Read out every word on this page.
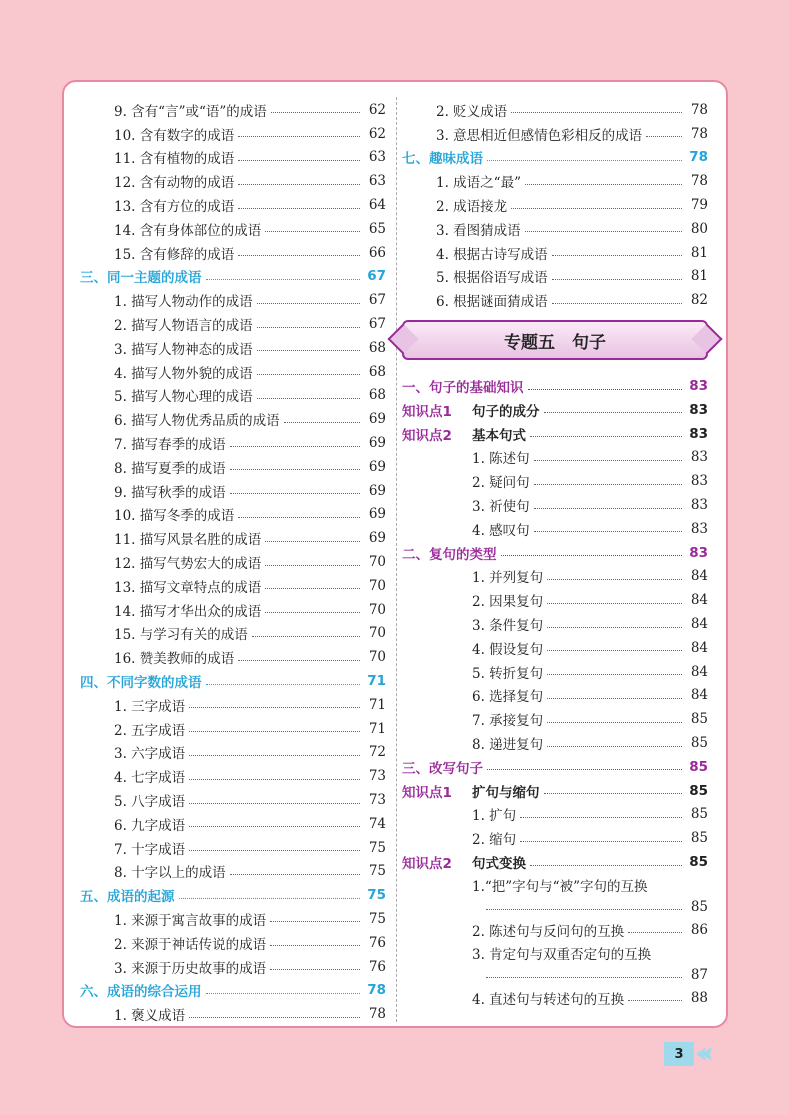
9. 含有“言”或“语”的成语	62
10. 含有数字的成语	62
11. 含有植物的成语	63
12. 含有动物的成语	63
13. 含有方位的成语	64
14. 含有身体部位的成语	65
15. 含有修辞的成语	66
三、同一主题的成语	67
1. 描写人物动作的成语	67
2. 描写人物语言的成语	67
3. 描写人物神态的成语	68
4. 描写人物外貌的成语	68
5. 描写人物心理的成语	68
6. 描写人物优秀品质的成语	69
7. 描写春季的成语	69
8. 描写夏季的成语	69
9. 描写秋季的成语	69
10. 描写冬季的成语	69
11. 描写风景名胜的成语	69
12. 描写气势宏大的成语	70
13. 描写文章特点的成语	70
14. 描写才华出众的成语	70
15. 与学习有关的成语	70
16. 赞美教师的成语	70
四、不同字数的成语	71
1. 三字成语	71
2. 五字成语	71
3. 六字成语	72
4. 七字成语	73
5. 八字成语	73
6. 九字成语	74
7. 十字成语	75
8. 十字以上的成语	75
五、成语的起源	75
1. 来源于寓言故事的成语	75
2. 来源于神话传说的成语	76
3. 来源于历史故事的成语	76
六、成语的综合运用	78
1. 褒义成语	78
2. 贬义成语	78
3. 意思相近但感情色彩相反的成语	78
七、趣味成语	78
1. 成语之“最”	78
2. 成语接龙	79
3. 看图猜成语	80
4. 根据古诗写成语	81
5. 根据俗语写成语	81
6. 根据谜面猜成语	82
专题五　句子
一、句子的基础知识	83
知识点1	句子的成分	83
知识点2	基本句式	83
1. 陈述句	83
2. 疑问句	83
3. 祈使句	83
4. 感叹句	83
二、复句的类型	83
1. 并列复句	84
2. 因果复句	84
3. 条件复句	84
4. 假设复句	84
5. 转折复句	84
6. 选择复句	84
7. 承接复句	85
8. 递进复句	85
三、改写句子	85
知识点1	扩句与缩句	85
1. 扩句	85
2. 缩句	85
知识点2	句式变换	85
1.“把”字句与“被”字句的互换
85
2. 陈述句与反问句的互换	86
3. 肯定句与双重否定句的互换
87
4. 直述句与转述句的互换	88
3
